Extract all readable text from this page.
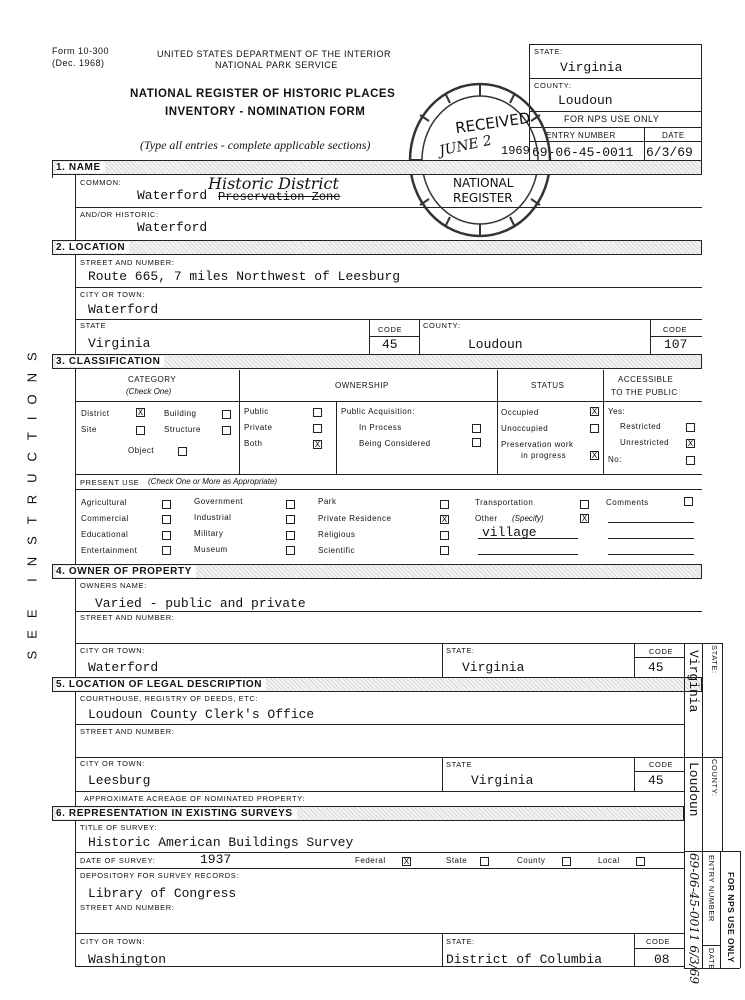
Form 10-300
(Dec. 1968)
UNITED STATES DEPARTMENT OF THE INTERIOR
NATIONAL PARK SERVICE
NATIONAL REGISTER OF HISTORIC PLACES
INVENTORY - NOMINATION FORM
(Type all entries - complete applicable sections)
STATE:
Virginia
COUNTY:
Loudoun
FOR NPS USE ONLY
ENTRY NUMBER	DATE
69-06-45-0011 6/3/69
RECEIVED
JUNE 2 1969
NATIONAL
REGISTER
SEE INSTRUCTIONS
1. NAME
COMMON:
Waterford Preservation Zone
Historic District
AND/OR HISTORIC:
Waterford
2. LOCATION
STREET AND NUMBER:
Route 665, 7 miles Northwest of Leesburg
CITY OR TOWN:
Waterford
STATE
Virginia
CODE
45
COUNTY:
Loudoun
CODE
107
3. CLASSIFICATION
CATEGORY
(Check One)
OWNERSHIP	STATUS
ACCESSIBLE
TO THE PUBLIC
District	X	Building
Site	Structure
Object
Public
Private
Both	X
Public Acquisition:
In Process
Being Considered
Occupied	X
Unoccupied
Preservation work
in progress	X
Yes:
Restricted
Unrestricted X
No:
PRESENT USE (Check One or More as Appropriate)
Agricultural
Commercial
Educational
Entertainment
Government
Industrial
Military
Museum
Park
Private Residence	X
Religious
Scientific
Transportation
Other (Specify)	X
village
Comments
4. OWNER OF PROPERTY
OWNERS NAME:
Varied - public and private
STREET AND NUMBER:
CITY OR TOWN:
Waterford
STATE:
Virginia
CODE
45
5. LOCATION OF LEGAL DESCRIPTION
COURTHOUSE, REGISTRY OF DEEDS, ETC:
Loudoun County Clerk's Office
STREET AND NUMBER:
CITY OR TOWN:
Leesburg
STATE
Virginia
CODE
45
APPROXIMATE ACREAGE OF NOMINATED PROPERTY:
6. REPRESENTATION IN EXISTING SURVEYS
TITLE OF SURVEY:
Historic American Buildings Survey
DATE OF SURVEY:	1937	Federal X	State	County	Local
DEPOSITORY FOR SURVEY RECORDS:
Library of Congress
STREET AND NUMBER:
CITY OR TOWN:
Washington
STATE:
District of Columbia
CODE
08
STATE:
Virginia
COUNTY:
Loudoun
FOR NPS USE ONLY
ENTRY NUMBER
DATE
69-06-45-0011 6/3/69
